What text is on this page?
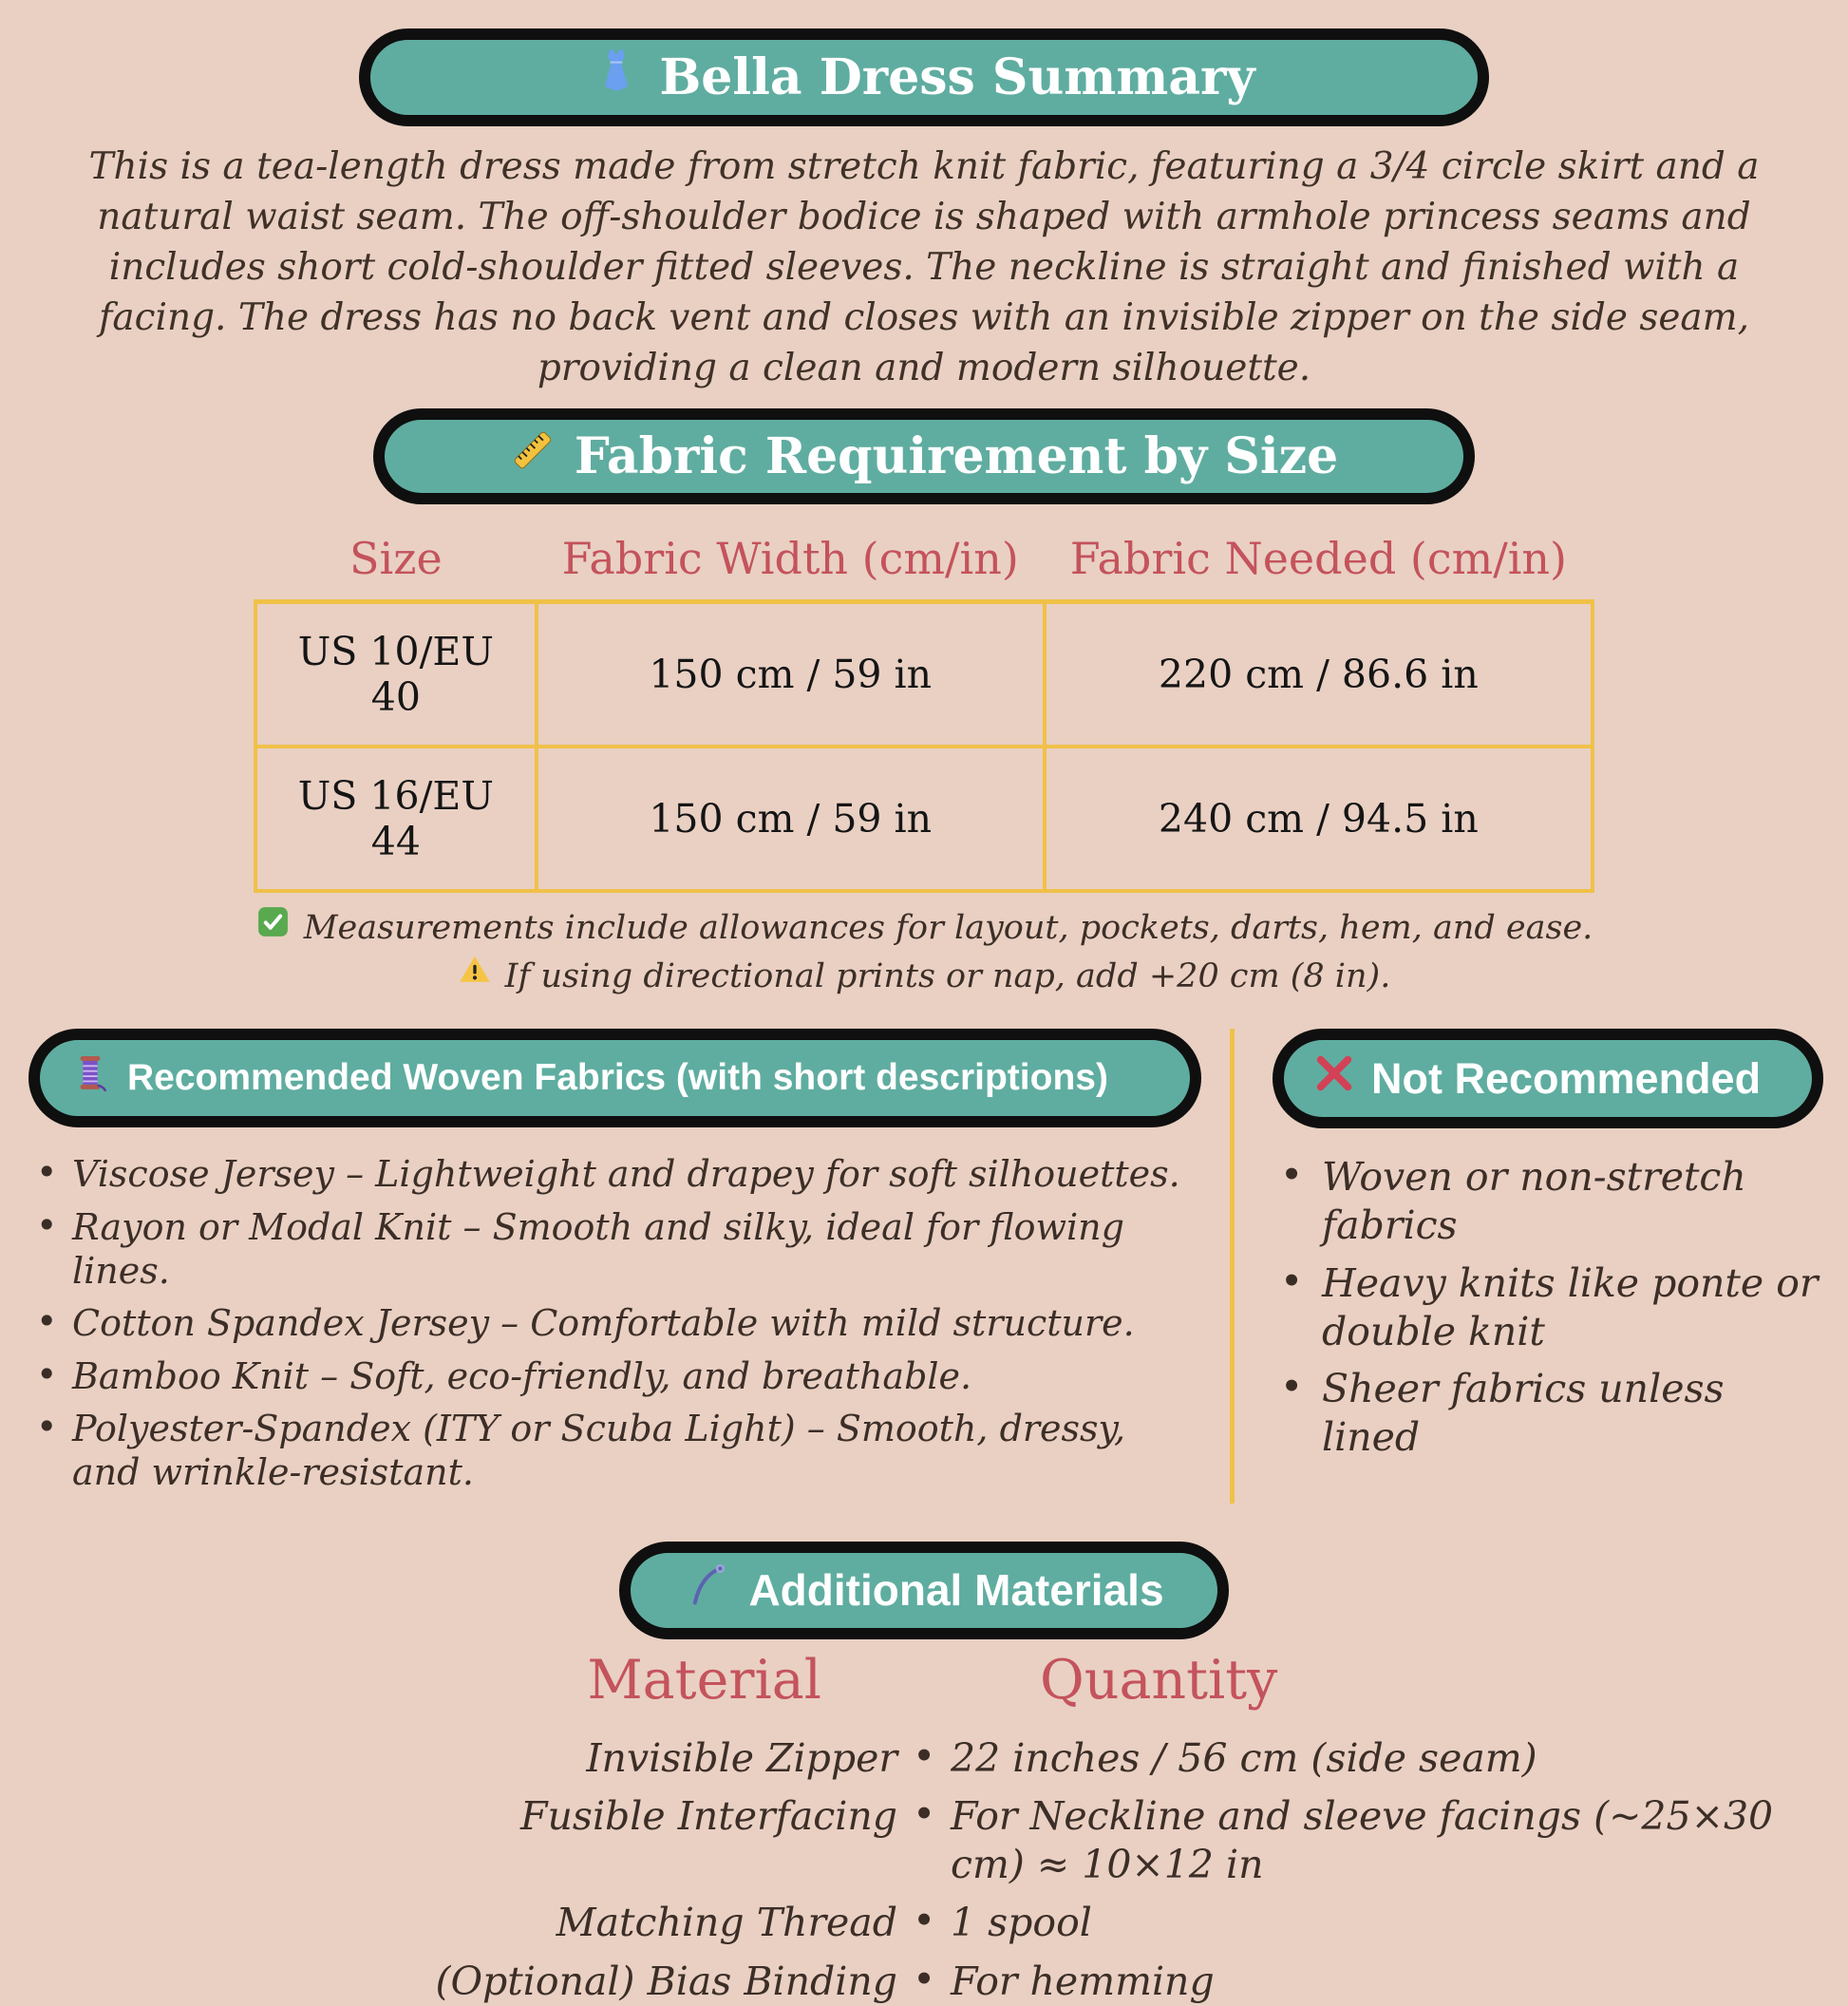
Bella Dress Summary

This is a tea-length dress made from stretch knit fabric, featuring a 3/4 circle skirt and a natural waist seam. The off-shoulder bodice is shaped with armhole princess seams and includes short cold-shoulder fitted sleeves. The neckline is straight and finished with a facing. The dress has no back vent and closes with an invisible zipper on the side seam, providing a clean and modern silhouette.

Fabric Requirement by Size
Size	Fabric Width (cm/in)	Fabric Needed (cm/in)
US 10/EU 40	150 cm / 59 in	220 cm / 86.6 in
US 16/EU 44	150 cm / 59 in	240 cm / 94.5 in
Measurements include allowances for layout, pockets, darts, hem, and ease.
If using directional prints or nap, add +20 cm (8 in).
Recommended Woven Fabrics (with short descriptions)
• Viscose Jersey – Lightweight and drapey for soft silhouettes.
• Rayon or Modal Knit – Smooth and silky, ideal for flowing lines.
• Cotton Spandex Jersey – Comfortable with mild structure.
• Bamboo Knit – Soft, eco-friendly, and breathable.
• Polyester-Spandex (ITY or Scuba Light) – Smooth, dressy, and wrinkle-resistant.
Not Recommended
• Woven or non-stretch fabrics
• Heavy knits like ponte or double knit
• Sheer fabrics unless lined
Additional Materials
Material	Quantity
Invisible Zipper	• 22 inches / 56 cm (side seam)
Fusible Interfacing	• For Neckline and sleeve facings (~25×30 cm) ≈ 10×12 in
Matching Thread	• 1 spool
(Optional) Bias Binding	• For hemming
